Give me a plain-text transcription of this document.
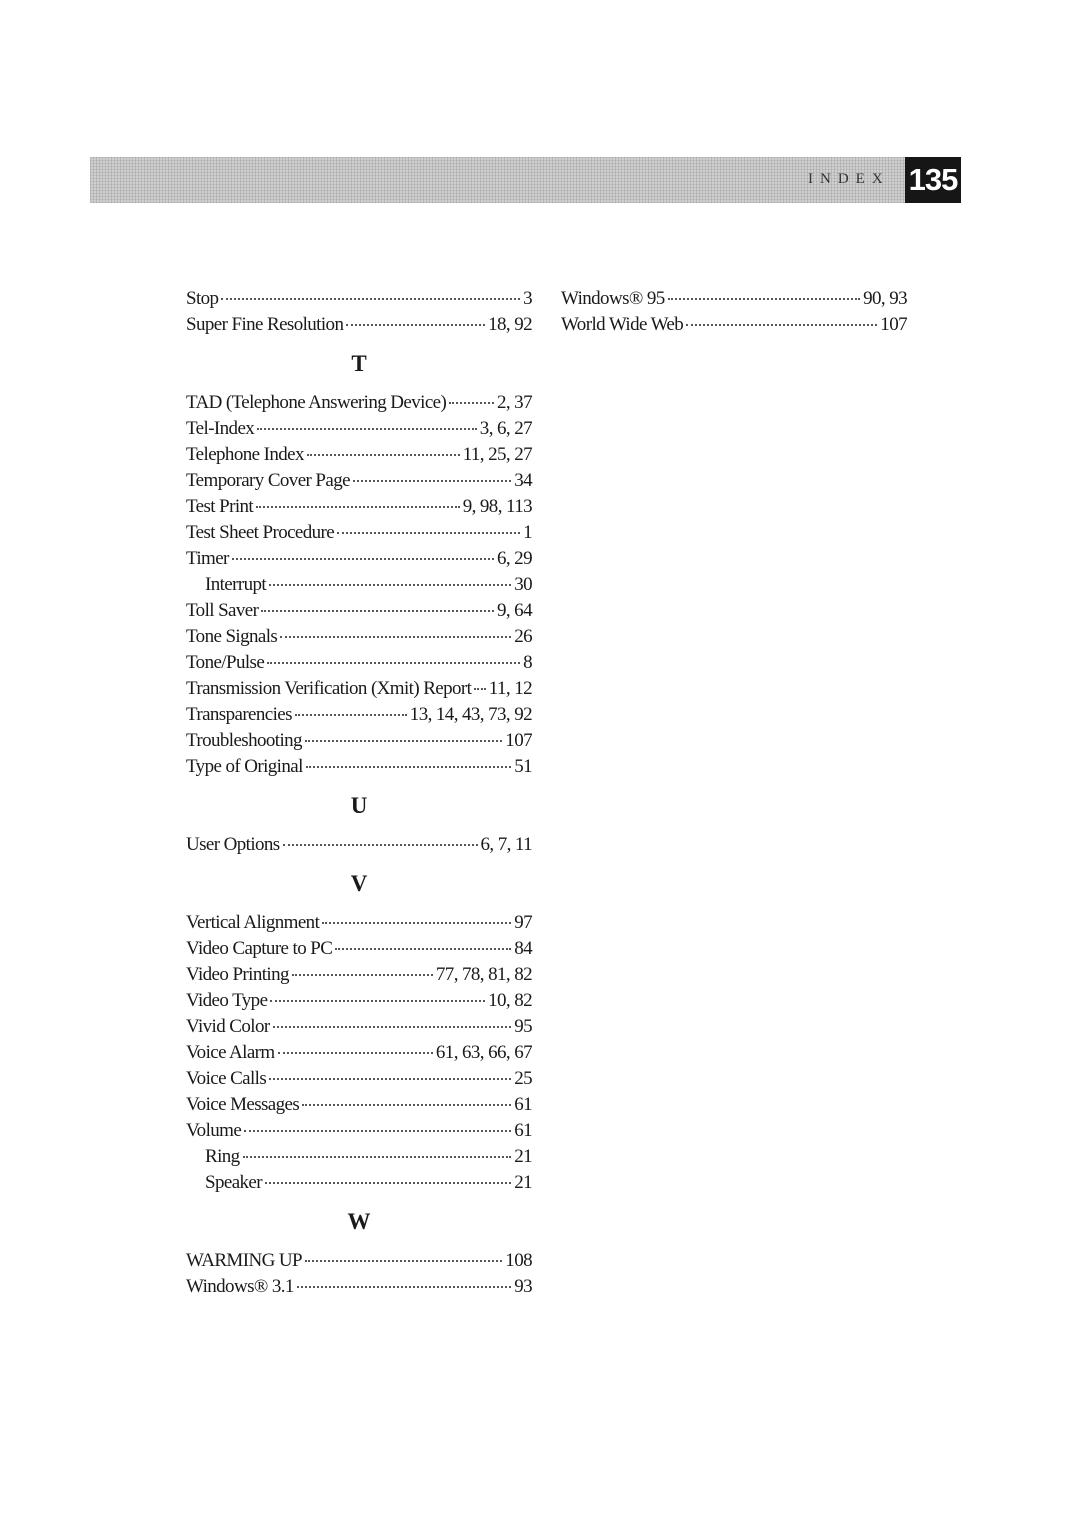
INDEX 135
Stop	3
Super Fine Resolution	18, 92
T
TAD (Telephone Answering Device)	2, 37
Tel-Index	3, 6, 27
Telephone Index	11, 25, 27
Temporary Cover Page	34
Test Print	9, 98, 113
Test Sheet Procedure	1
Timer	6, 29
Interrupt	30
Toll Saver	9, 64
Tone Signals	26
Tone/Pulse	8
Transmission Verification (Xmit) Report 11, 12
Transparencies	13, 14, 43, 73, 92
Troubleshooting	107
Type of Original	51
U
User Options	6, 7, 11
V
Vertical Alignment	97
Video Capture to PC	84
Video Printing	77, 78, 81, 82
Video Type	10, 82
Vivid Color	95
Voice Alarm	61, 63, 66, 67
Voice Calls	25
Voice Messages	61
Volume	61
Ring	21
Speaker	21
W
WARMING UP	108
Windows® 3.1	93
Windows® 95	90, 93
World Wide Web	107
